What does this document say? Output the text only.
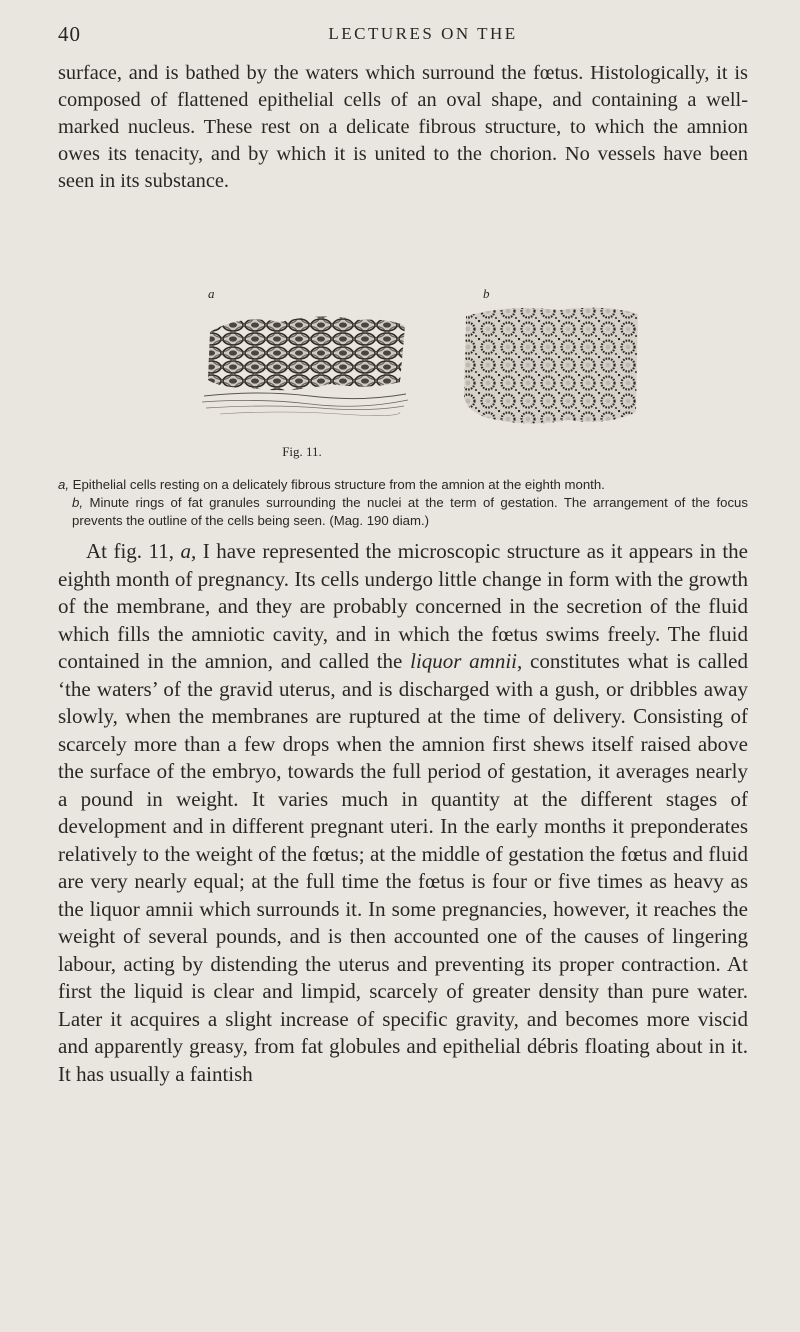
40	LECTURES ON THE
surface, and is bathed by the waters which surround the fœtus. Histologically, it is composed of flattened epithelial cells of an oval shape, and containing a well-marked nucleus. These rest on a delicate fibrous structure, to which the amnion owes its tenacity, and by which it is united to the chorion. No vessels have been seen in its substance.
a	b
Fig. 11.

a, Epithelial cells resting on a delicately fibrous structure from the amnion at the eighth month.

b, Minute rings of fat granules surrounding the nuclei at the term of gestation. The arrangement of the focus prevents the outline of the cells being seen. (Mag. 190 diam.)

At fig. 11, a, I have represented the microscopic structure as it appears in the eighth month of pregnancy. Its cells undergo little change in form with the growth of the membrane, and they are probably concerned in the secretion of the fluid which fills the amniotic cavity, and in which the fœtus swims freely. The fluid contained in the amnion, and called the liquor amnii, constitutes what is called ‘the waters’ of the gravid uterus, and is discharged with a gush, or dribbles away slowly, when the membranes are ruptured at the time of delivery. Consisting of scarcely more than a few drops when the amnion first shews itself raised above the surface of the embryo, towards the full period of gestation, it averages nearly a pound in weight. It varies much in quantity at the different stages of development and in different pregnant uteri. In the early months it preponderates relatively to the weight of the fœtus; at the middle of gestation the fœtus and fluid are very nearly equal; at the full time the fœtus is four or five times as heavy as the liquor amnii which surrounds it. In some pregnancies, however, it reaches the weight of several pounds, and is then accounted one of the causes of lingering labour, acting by distending the uterus and preventing its proper contraction. At first the liquid is clear and limpid, scarcely of greater density than pure water. Later it acquires a slight increase of specific gravity, and becomes more viscid and apparently greasy, from fat globules and epithelial débris floating about in it. It has usually a faintish
